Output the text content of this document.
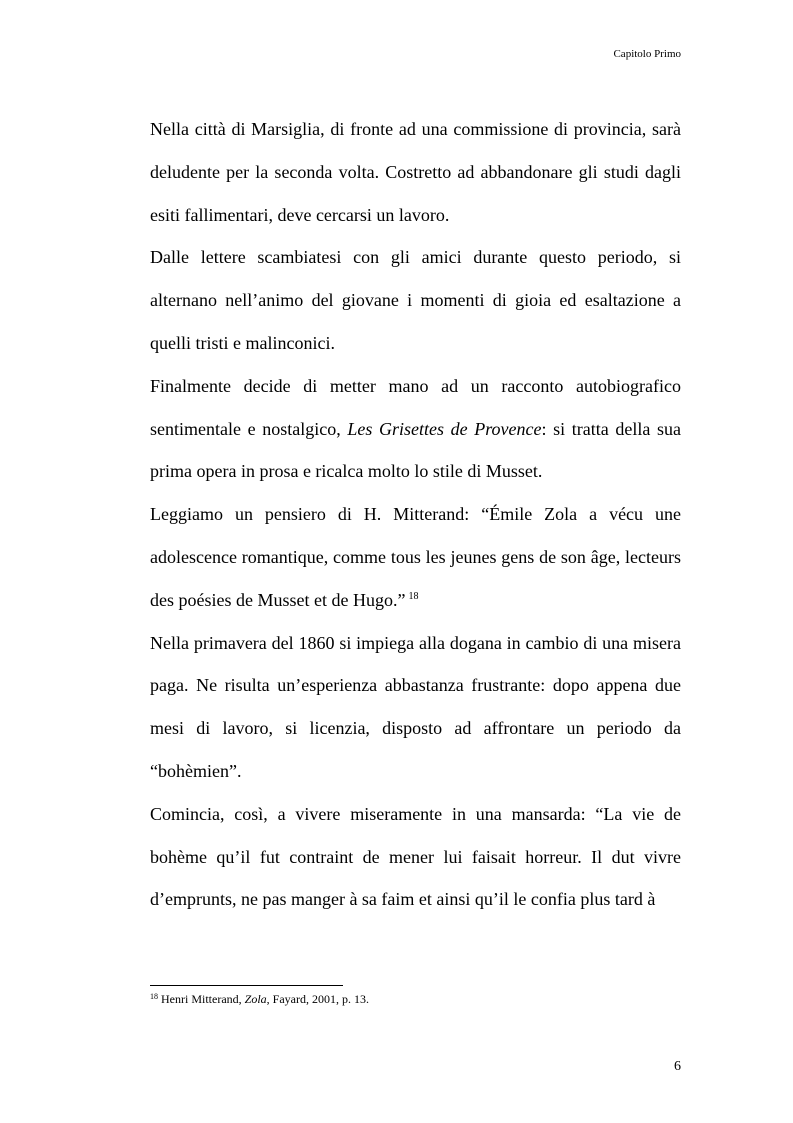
Capitolo Primo

Nella città di Marsiglia, di fronte ad una commissione di provincia, sarà deludente per la seconda volta. Costretto ad abbandonare gli studi dagli esiti fallimentari, deve cercarsi un lavoro.

Dalle lettere scambiatesi con gli amici durante questo periodo, si alternano nell’animo del giovane i momenti di gioia ed esaltazione a quelli tristi e malinconici.

Finalmente decide di metter mano ad un racconto autobiografico sentimentale e nostalgico, Les Grisettes de Provence: si tratta della sua prima opera in prosa e ricalca molto lo stile di Musset.

Leggiamo un pensiero di H. Mitterand: “Émile Zola a vécu une adolescence romantique, comme tous les jeunes gens de son âge, lecteurs des poésies de Musset et de Hugo.” $^{18}$

Nella primavera del 1860 si impiega alla dogana in cambio di una misera paga. Ne risulta un’esperienza abbastanza frustrante: dopo appena due mesi di lavoro, si licenzia, disposto ad affrontare un periodo da “bohèmien”.

Comincia, così, a vivere miseramente in una mansarda: “La vie de bohème qu’il fut contraint de mener lui faisait horreur. Il dut vivre d’emprunts, ne pas manger à sa faim et ainsi qu’il le confia plus tard à

$^{18}$ Henri Mitterand, Zola, Fayard, 2001, p. 13.
6
